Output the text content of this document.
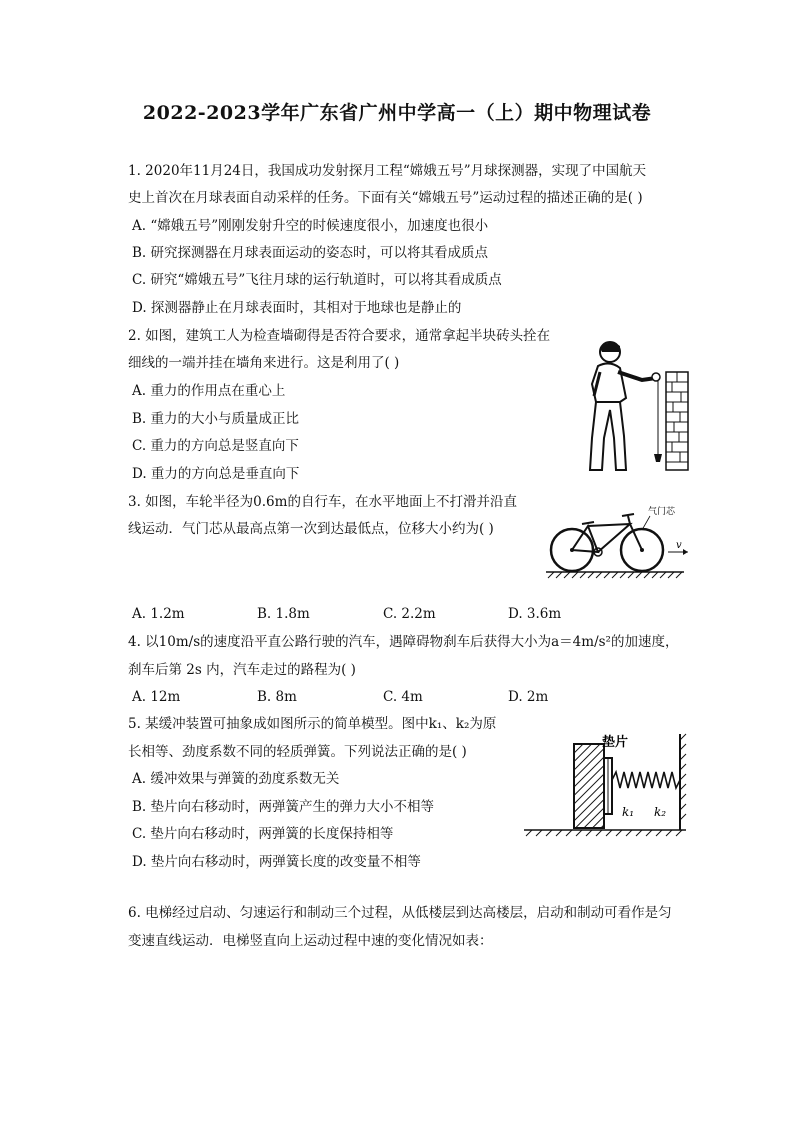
2022-2023学年广东省广州中学高一（上）期中物理试卷
1. 2020年11月24日，我国成功发射探月工程“嫦娥五号”月球探测器，实现了中国航天
史上首次在月球表面自动采样的任务。下面有关“嫦娥五号”运动过程的描述正确的是( )
A. “嫦娥五号”刚刚发射升空的时候速度很小，加速度也很小
B. 研究探测器在月球表面运动的姿态时，可以将其看成质点
C. 研究“嫦娥五号”飞往月球的运行轨道时，可以将其看成质点
D. 探测器静止在月球表面时，其相对于地球也是静止的
2. 如图，建筑工人为检查墙砌得是否符合要求，通常拿起半块砖头拴在
细线的一端并挂在墙角来进行。这是利用了( )
A. 重力的作用点在重心上
B. 重力的大小与质量成正比
C. 重力的方向总是竖直向下
D. 重力的方向总是垂直向下
3. 如图，车轮半径为0.6m的自行车，在水平地面上不打滑并沿直
线运动．气门芯从最高点第一次到达最低点，位移大小约为( )
气门芯
v
A. 1.2m	B. 1.8m	C. 2.2m	D. 3.6m
4. 以10m/s的速度沿平直公路行驶的汽车，遇障碍物刹车后获得大小为a＝4m/s²的加速度，
刹车后第 2s 内，汽车走过的路程为( )
A. 12m	B. 8m	C. 4m	D. 2m
5. 某缓冲装置可抽象成如图所示的简单模型。图中k₁、k₂为原
长相等、劲度系数不同的轻质弹簧。下列说法正确的是( )
A. 缓冲效果与弹簧的劲度系数无关
B. 垫片向右移动时，两弹簧产生的弹力大小不相等
C. 垫片向右移动时，两弹簧的长度保持相等
D. 垫片向右移动时，两弹簧长度的改变量不相等
垫片
k₁ k₂
6. 电梯经过启动、匀速运行和制动三个过程，从低楼层到达高楼层，启动和制动可看作是匀
变速直线运动．电梯竖直向上运动过程中速的变化情况如表：
